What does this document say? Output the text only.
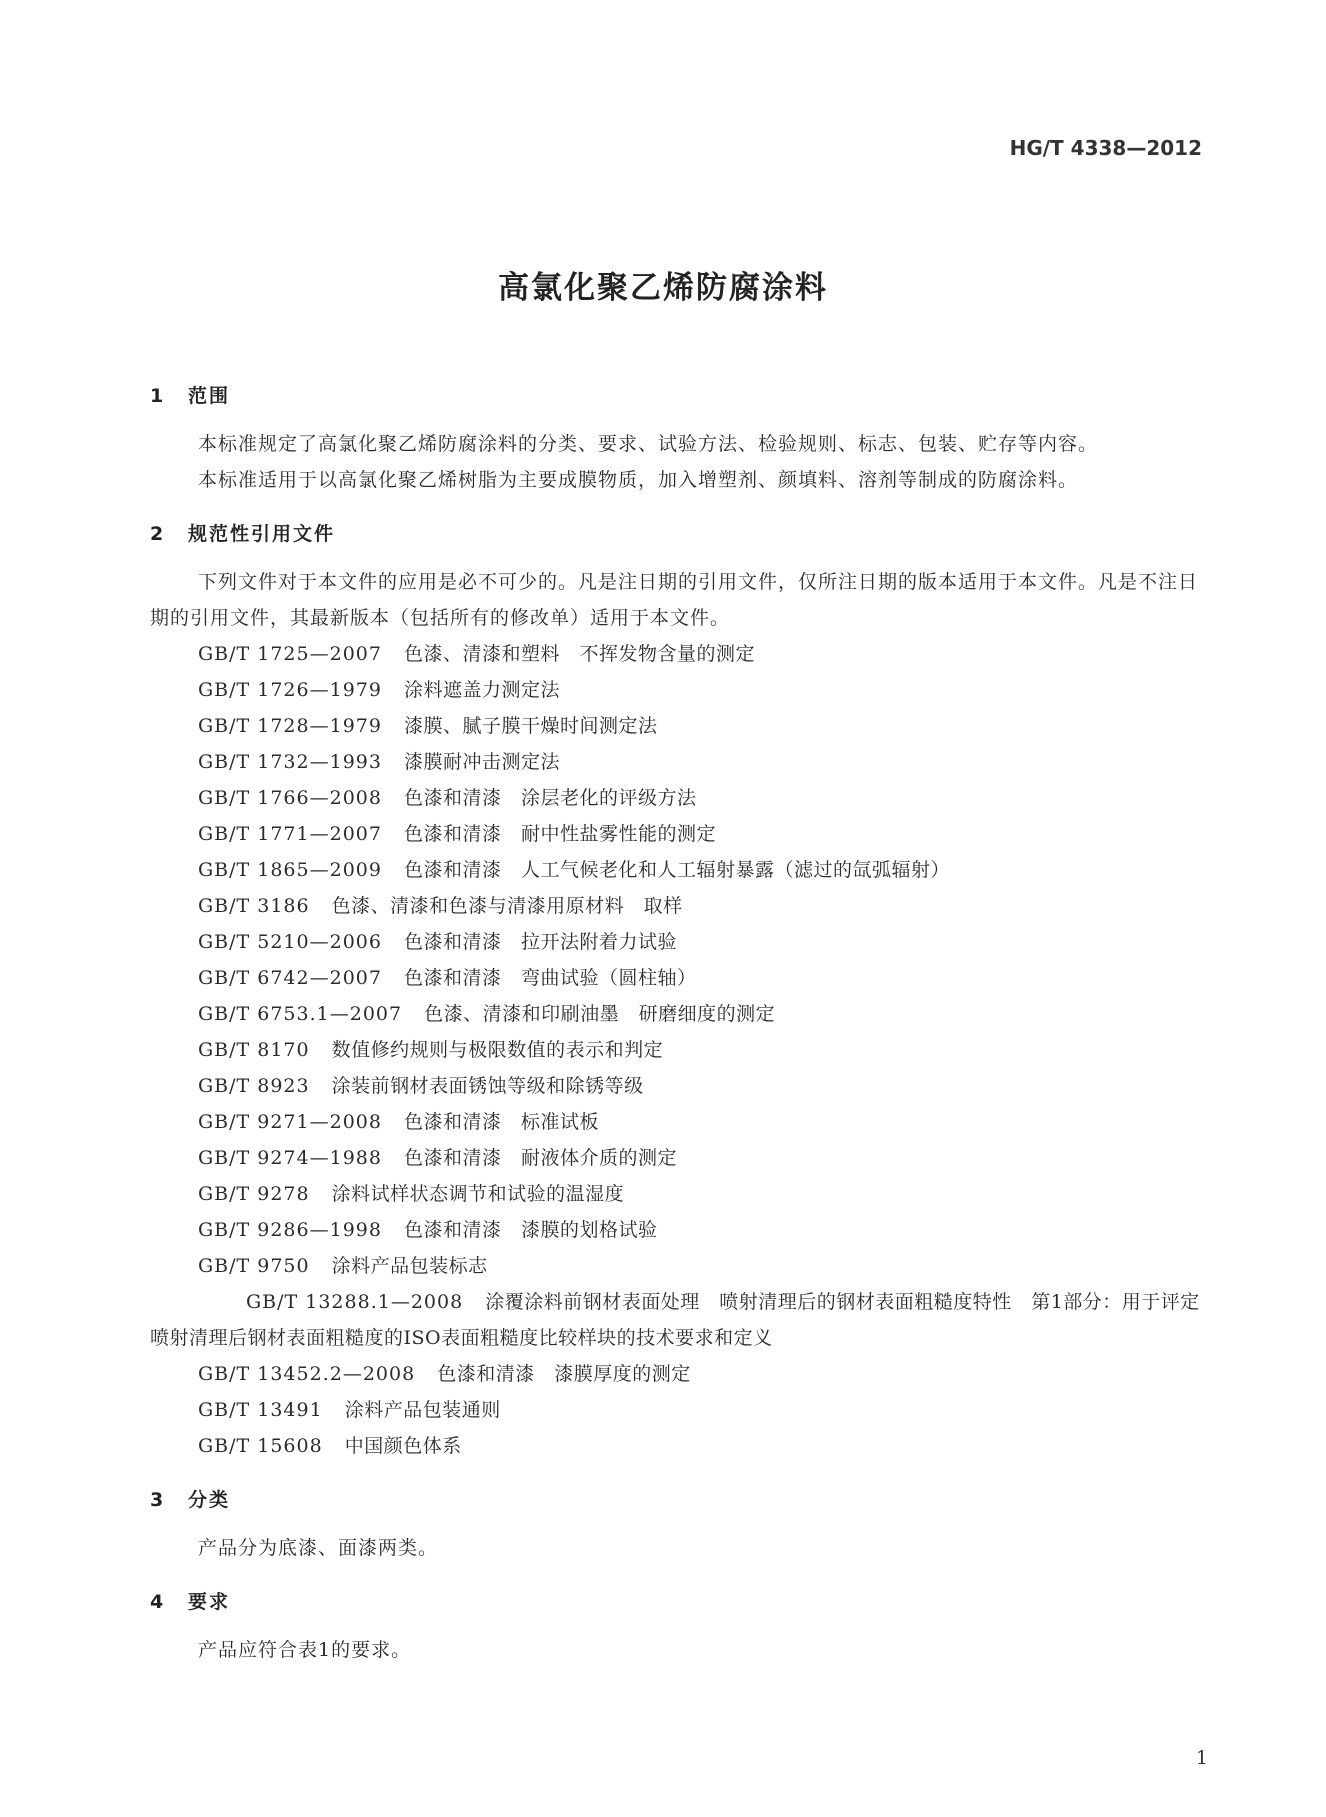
HG/T 4338—2012
高氯化聚乙烯防腐涂料
1 范围

本标准规定了高氯化聚乙烯防腐涂料的分类、要求、试验方法、检验规则、标志、包装、贮存等内容。

本标准适用于以高氯化聚乙烯树脂为主要成膜物质，加入增塑剂、颜填料、溶剂等制成的防腐涂料。

2 规范性引用文件

下列文件对于本文件的应用是必不可少的。凡是注日期的引用文件，仅所注日期的版本适用于本文件。凡是不注日期的引用文件，其最新版本（包括所有的修改单）适用于本文件。

GB/T 1725—2007 色漆、清漆和塑料　不挥发物含量的测定
GB/T 1726—1979 涂料遮盖力测定法
GB/T 1728—1979 漆膜、腻子膜干燥时间测定法
GB/T 1732—1993 漆膜耐冲击测定法
GB/T 1766—2008 色漆和清漆　涂层老化的评级方法
GB/T 1771—2007 色漆和清漆　耐中性盐雾性能的测定
GB/T 1865—2009 色漆和清漆　人工气候老化和人工辐射暴露（滤过的氙弧辐射）
GB/T 3186 色漆、清漆和色漆与清漆用原材料　取样
GB/T 5210—2006 色漆和清漆　拉开法附着力试验
GB/T 6742—2007 色漆和清漆　弯曲试验（圆柱轴）
GB/T 6753.1—2007 色漆、清漆和印刷油墨　研磨细度的测定
GB/T 8170 数值修约规则与极限数值的表示和判定
GB/T 8923 涂装前钢材表面锈蚀等级和除锈等级
GB/T 9271—2008 色漆和清漆　标准试板
GB/T 9274—1988 色漆和清漆　耐液体介质的测定
GB/T 9278 涂料试样状态调节和试验的温湿度
GB/T 9286—1998 色漆和清漆　漆膜的划格试验
GB/T 9750 涂料产品包装标志
GB/T 13288.1—2008 涂覆涂料前钢材表面处理　喷射清理后的钢材表面粗糙度特性　第1部分：用于评定喷射清理后钢材表面粗糙度的ISO表面粗糙度比较样块的技术要求和定义
GB/T 13452.2—2008 色漆和清漆　漆膜厚度的测定
GB/T 13491 涂料产品包装通则
GB/T 15608 中国颜色体系
3 分类

产品分为底漆、面漆两类。

4 要求

产品应符合表1的要求。

1
